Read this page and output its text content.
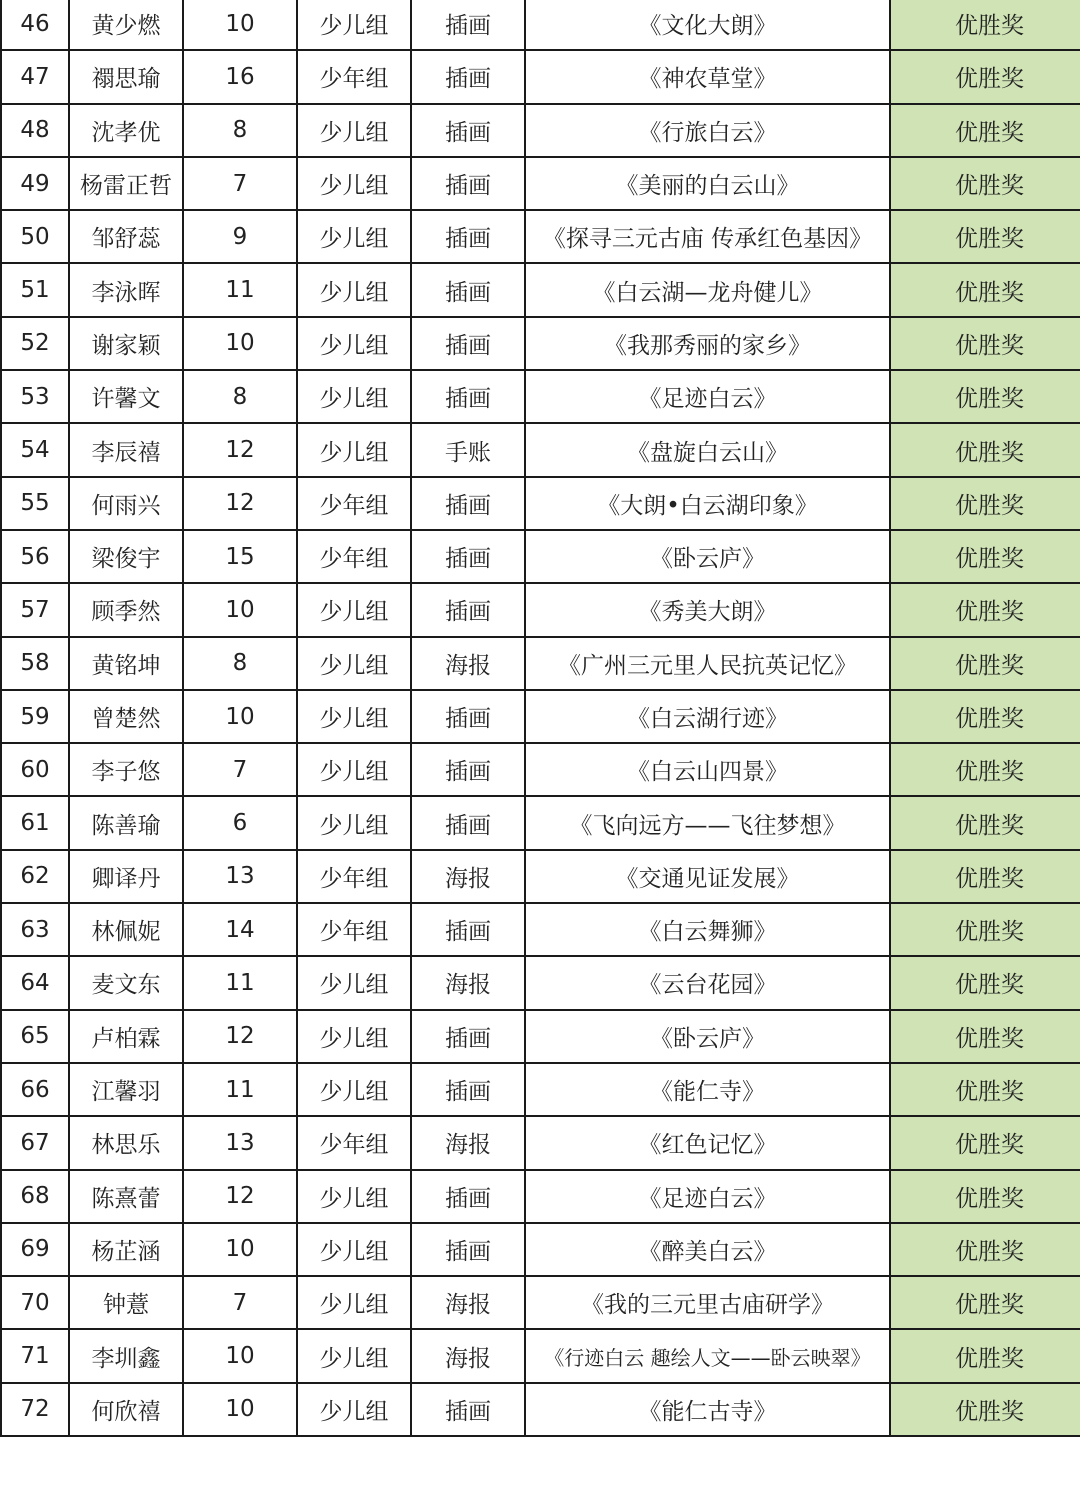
46	黄少燃	10	少儿组	插画	《文化大朗》	优胜奖
47	禤思瑜	16	少年组	插画	《神农草堂》	优胜奖
48	沈孝优	8	少儿组	插画	《行旅白云》	优胜奖
49	杨雷正哲	7	少儿组	插画	《美丽的白云山》	优胜奖
50	邹舒蕊	9	少儿组	插画	《探寻三元古庙 传承红色基因》	优胜奖
51	李泳晖	11	少儿组	插画	《白云湖—龙舟健儿》	优胜奖
52	谢家颖	10	少儿组	插画	《我那秀丽的家乡》	优胜奖
53	许馨文	8	少儿组	插画	《足迹白云》	优胜奖
54	李辰禧	12	少儿组	手账	《盘旋白云山》	优胜奖
55	何雨兴	12	少年组	插画	《大朗•白云湖印象》	优胜奖
56	梁俊宇	15	少年组	插画	《卧云庐》	优胜奖
57	顾季然	10	少儿组	插画	《秀美大朗》	优胜奖
58	黄铭坤	8	少儿组	海报	《广州三元里人民抗英记忆》	优胜奖
59	曾楚然	10	少儿组	插画	《白云湖行迹》	优胜奖
60	李子悠	7	少儿组	插画	《白云山四景》	优胜奖
61	陈善瑜	6	少儿组	插画	《飞向远方——飞往梦想》	优胜奖
62	卿译丹	13	少年组	海报	《交通见证发展》	优胜奖
63	林佩妮	14	少年组	插画	《白云舞狮》	优胜奖
64	麦文东	11	少儿组	海报	《云台花园》	优胜奖
65	卢柏霖	12	少儿组	插画	《卧云庐》	优胜奖
66	江馨羽	11	少儿组	插画	《能仁寺》	优胜奖
67	林思乐	13	少年组	海报	《红色记忆》	优胜奖
68	陈熹蕾	12	少儿组	插画	《足迹白云》	优胜奖
69	杨芷涵	10	少儿组	插画	《醉美白云》	优胜奖
70	钟薏	7	少儿组	海报	《我的三元里古庙研学》	优胜奖
71	李圳鑫	10	少儿组	海报	《行迹白云 趣绘人文——卧云映翠》	优胜奖
72	何欣禧	10	少儿组	插画	《能仁古寺》	优胜奖
